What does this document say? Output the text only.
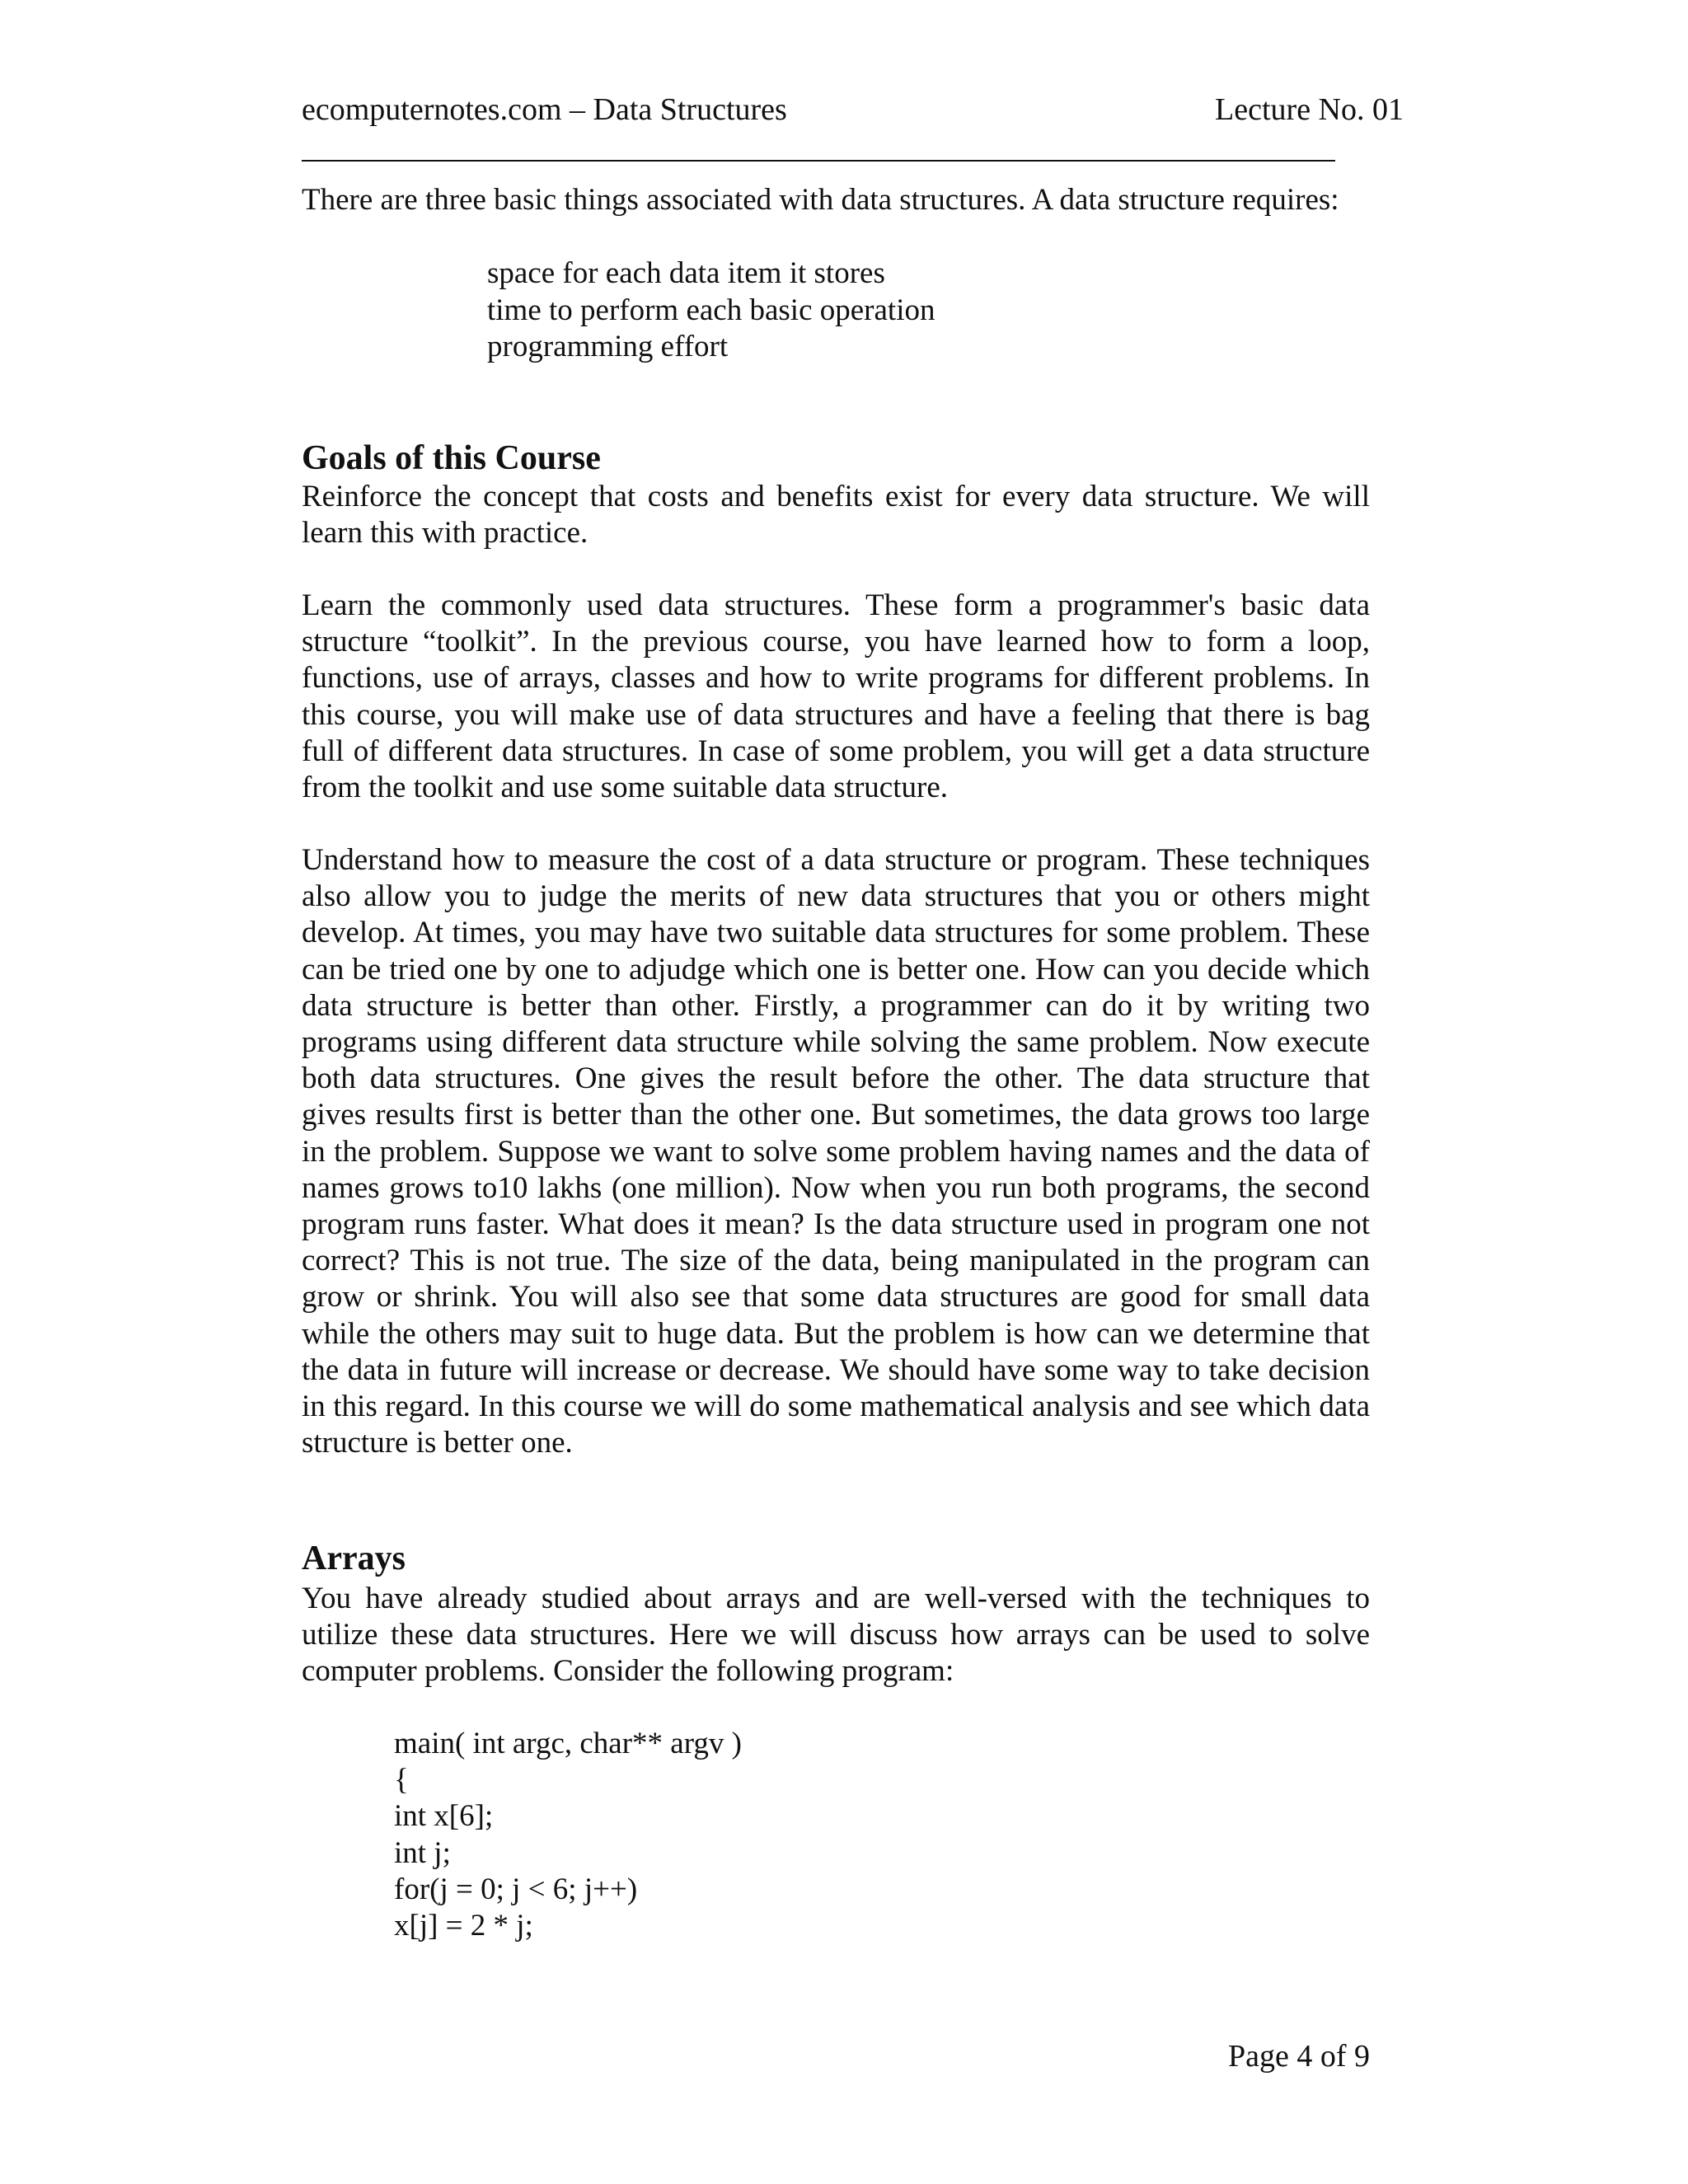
ecomputernotes.com – Data Structures	Lecture No. 01

There are three basic things associated with data structures. A data structure requires:

space for each data item it stores
time to perform each basic operation
programming effort
Goals of this Course

Reinforce the concept that costs and benefits exist for every data structure. We will
learn this with practice.

Learn the commonly used data structures. These form a programmer's basic data
structure “toolkit”. In the previous course, you have learned how to form a loop,
functions, use of arrays, classes and how to write programs for different problems. In
this course, you will make use of data structures and have a feeling that there is bag
full of different data structures. In case of some problem, you will get a data structure
from the toolkit and use some suitable data structure.

Understand how to measure the cost of a data structure or program. These techniques
also allow you to judge the merits of new data structures that you or others might
develop. At times, you may have two suitable data structures for some problem. These
can be tried one by one to adjudge which one is better one. How can you decide which
data structure is better than other. Firstly, a programmer can do it by writing two
programs using different data structure while solving the same problem. Now execute
both data structures. One gives the result before the other. The data structure that
gives results first is better than the other one. But sometimes, the data grows too large
in the problem. Suppose we want to solve some problem having names and the data of
names grows to10 lakhs (one million). Now when you run both programs, the second
program runs faster. What does it mean? Is the data structure used in program one not
correct? This is not true. The size of the data, being manipulated in the program can
grow or shrink. You will also see that some data structures are good for small data
while the others may suit to huge data. But the problem is how can we determine that
the data in future will increase or decrease. We should have some way to take decision
in this regard. In this course we will do some mathematical analysis and see which data
structure is better one.

Arrays

You have already studied about arrays and are well-versed with the techniques to
utilize these data structures. Here we will discuss how arrays can be used to solve
computer problems. Consider the following program:

main( int argc, char** argv )
{
int x[6];
int j;
for(j = 0; j < 6; j++)
x[j] = 2 * j;
Page 4 of 9
